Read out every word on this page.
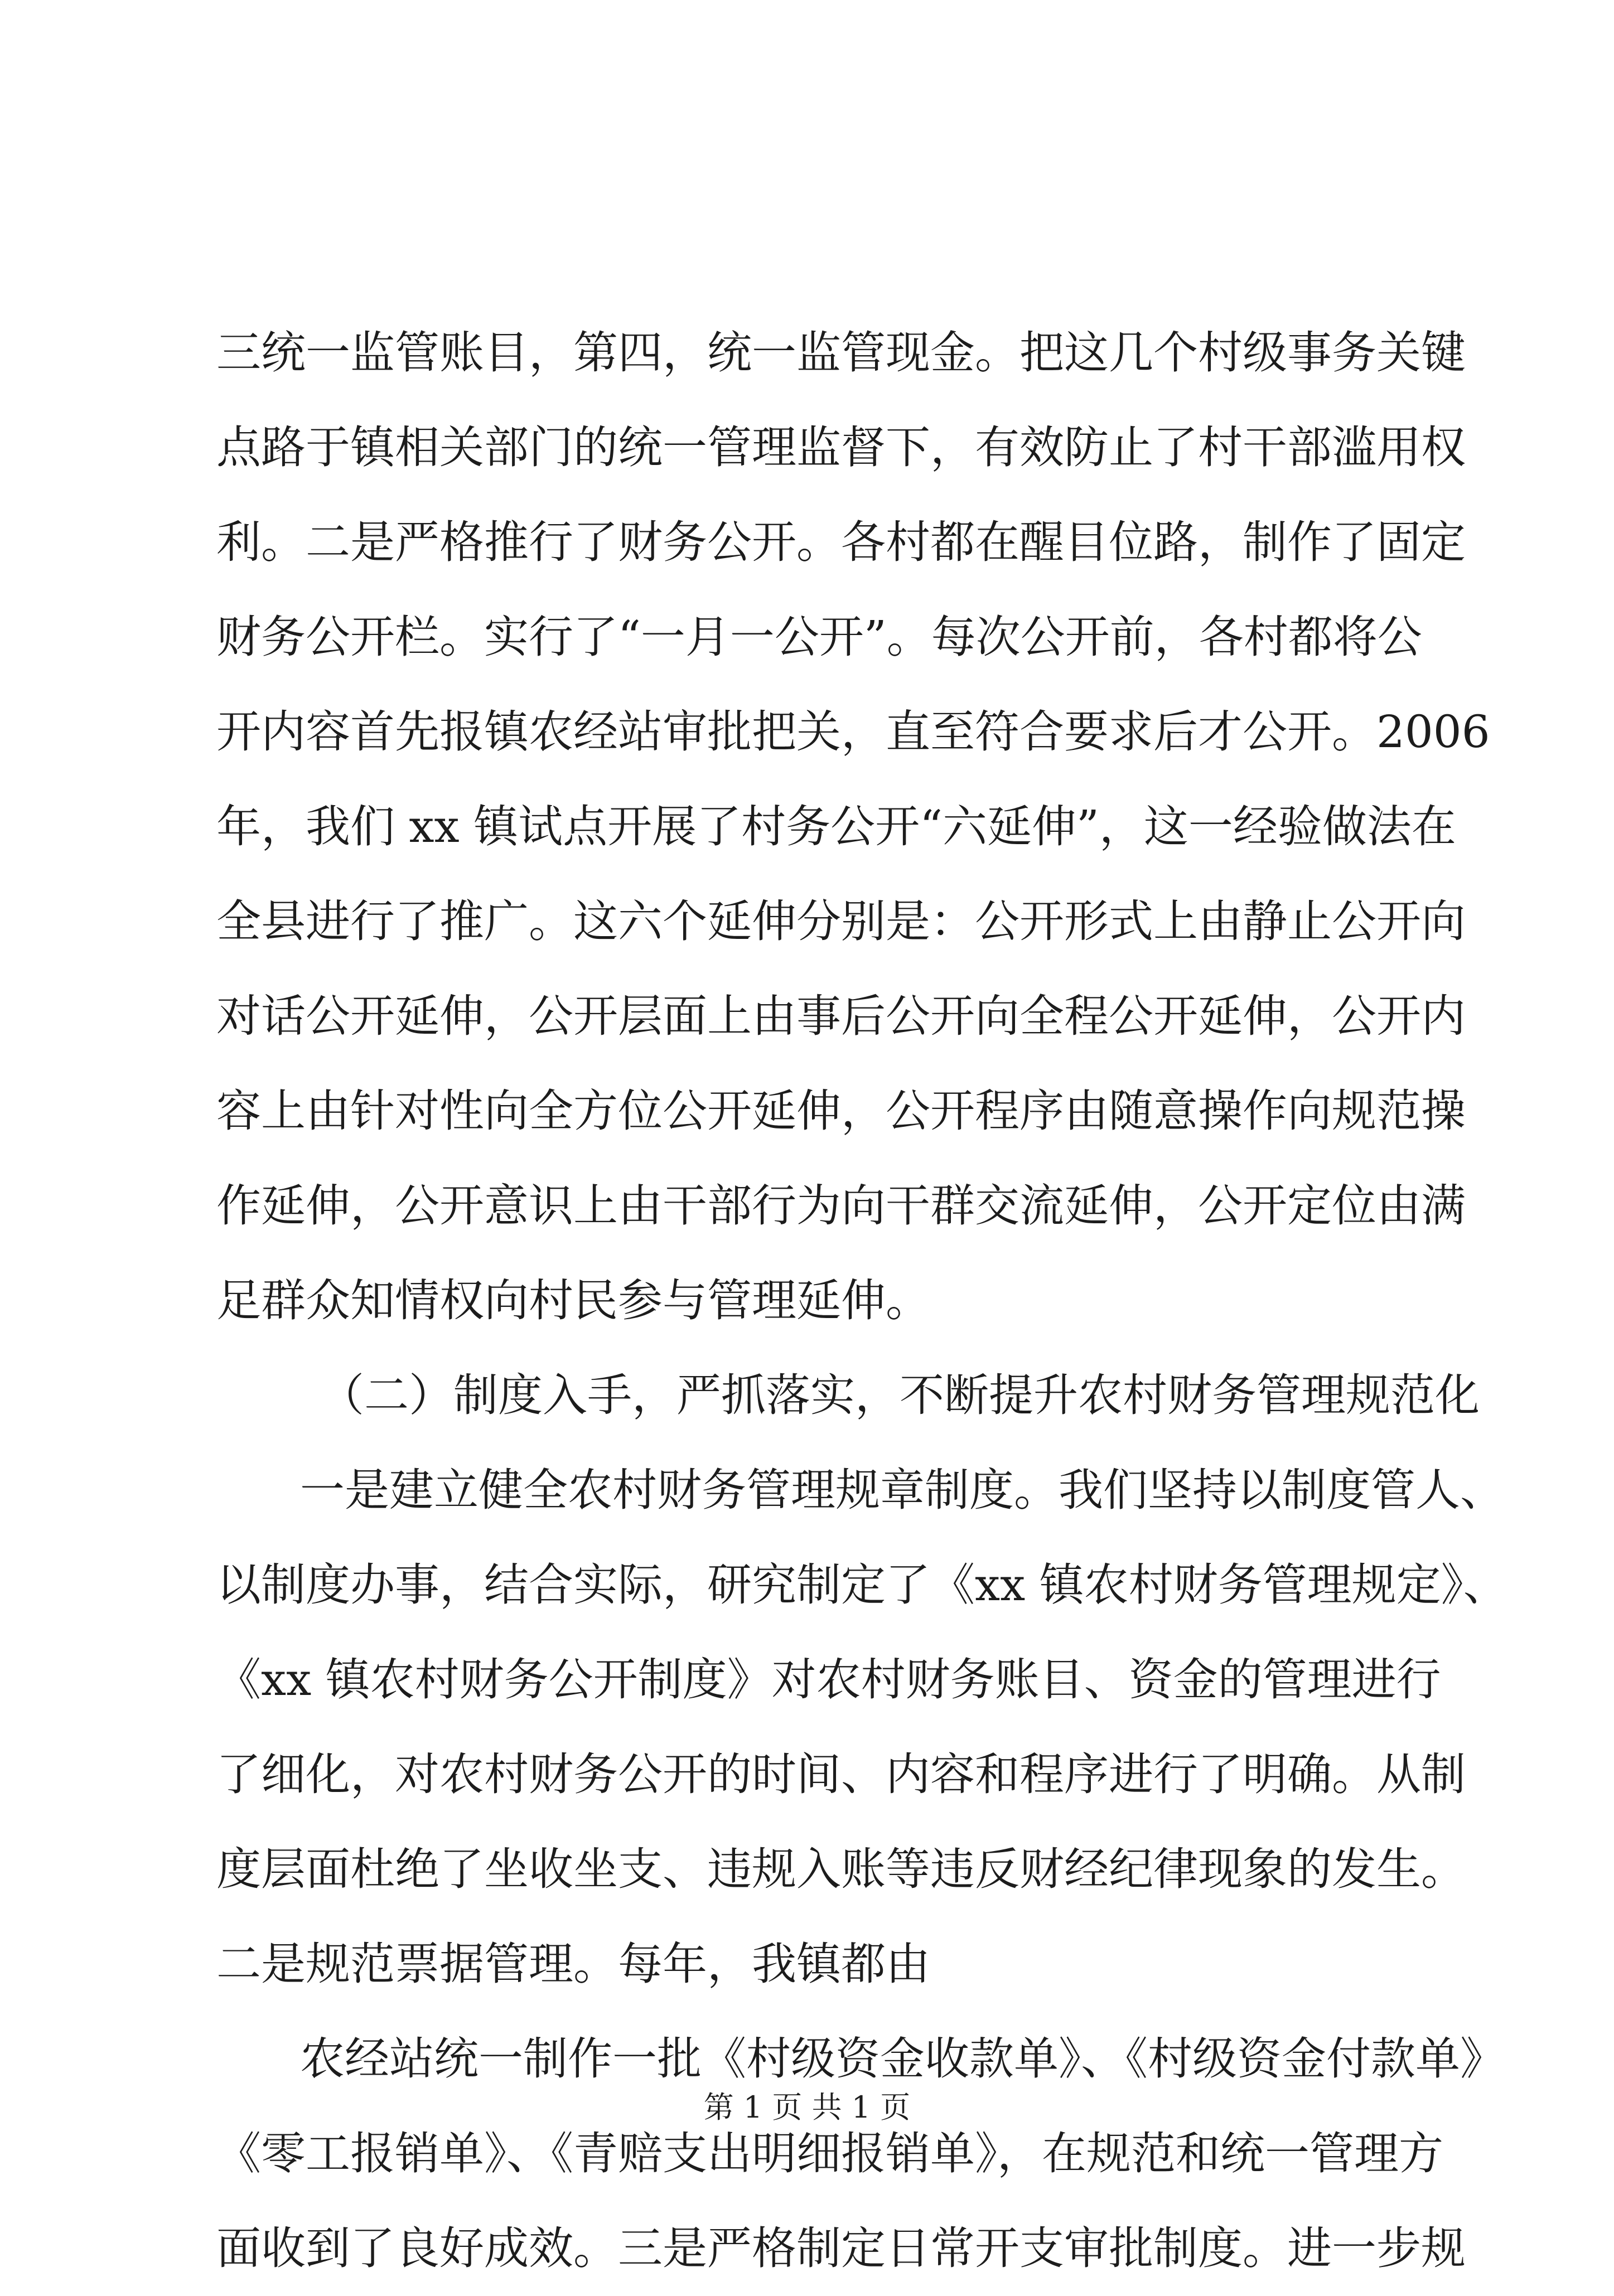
三统一监管账目，第四，统一监管现金。把这几个村级事务关键
点路于镇相关部门的统一管理监督下，有效防止了村干部滥用权
利。二是严格推行了财务公开。各村都在醒目位路，制作了固定
财务公开栏。实行了“一月一公开”。每次公开前，各村都将公
开内容首先报镇农经站审批把关，直至符合要求后才公开。2006
年，我们 xx 镇试点开展了村务公开“六延伸”，这一经验做法在
全县进行了推广。这六个延伸分别是：公开形式上由静止公开向
对话公开延伸，公开层面上由事后公开向全程公开延伸，公开内
容上由针对性向全方位公开延伸，公开程序由随意操作向规范操
作延伸，公开意识上由干部行为向干群交流延伸，公开定位由满
足群众知情权向村民参与管理延伸。
（二）制度入手，严抓落实，不断提升农村财务管理规范化
一是建立健全农村财务管理规章制度。我们坚持以制度管人、
以制度办事，结合实际，研究制定了《xx 镇农村财务管理规定》、
《xx 镇农村财务公开制度》对农村财务账目、资金的管理进行
了细化，对农村财务公开的时间、内容和程序进行了明确。从制
度层面杜绝了坐收坐支、违规入账等违反财经纪律现象的发生。
二是规范票据管理。每年，我镇都由
农经站统一制作一批《村级资金收款单》、《村级资金付款单》
《零工报销单》、《青赔支出明细报销单》，在规范和统一管理方
面收到了良好成效。三是严格制定日常开支审批制度。进一步规
第 1 页 共 1 页
